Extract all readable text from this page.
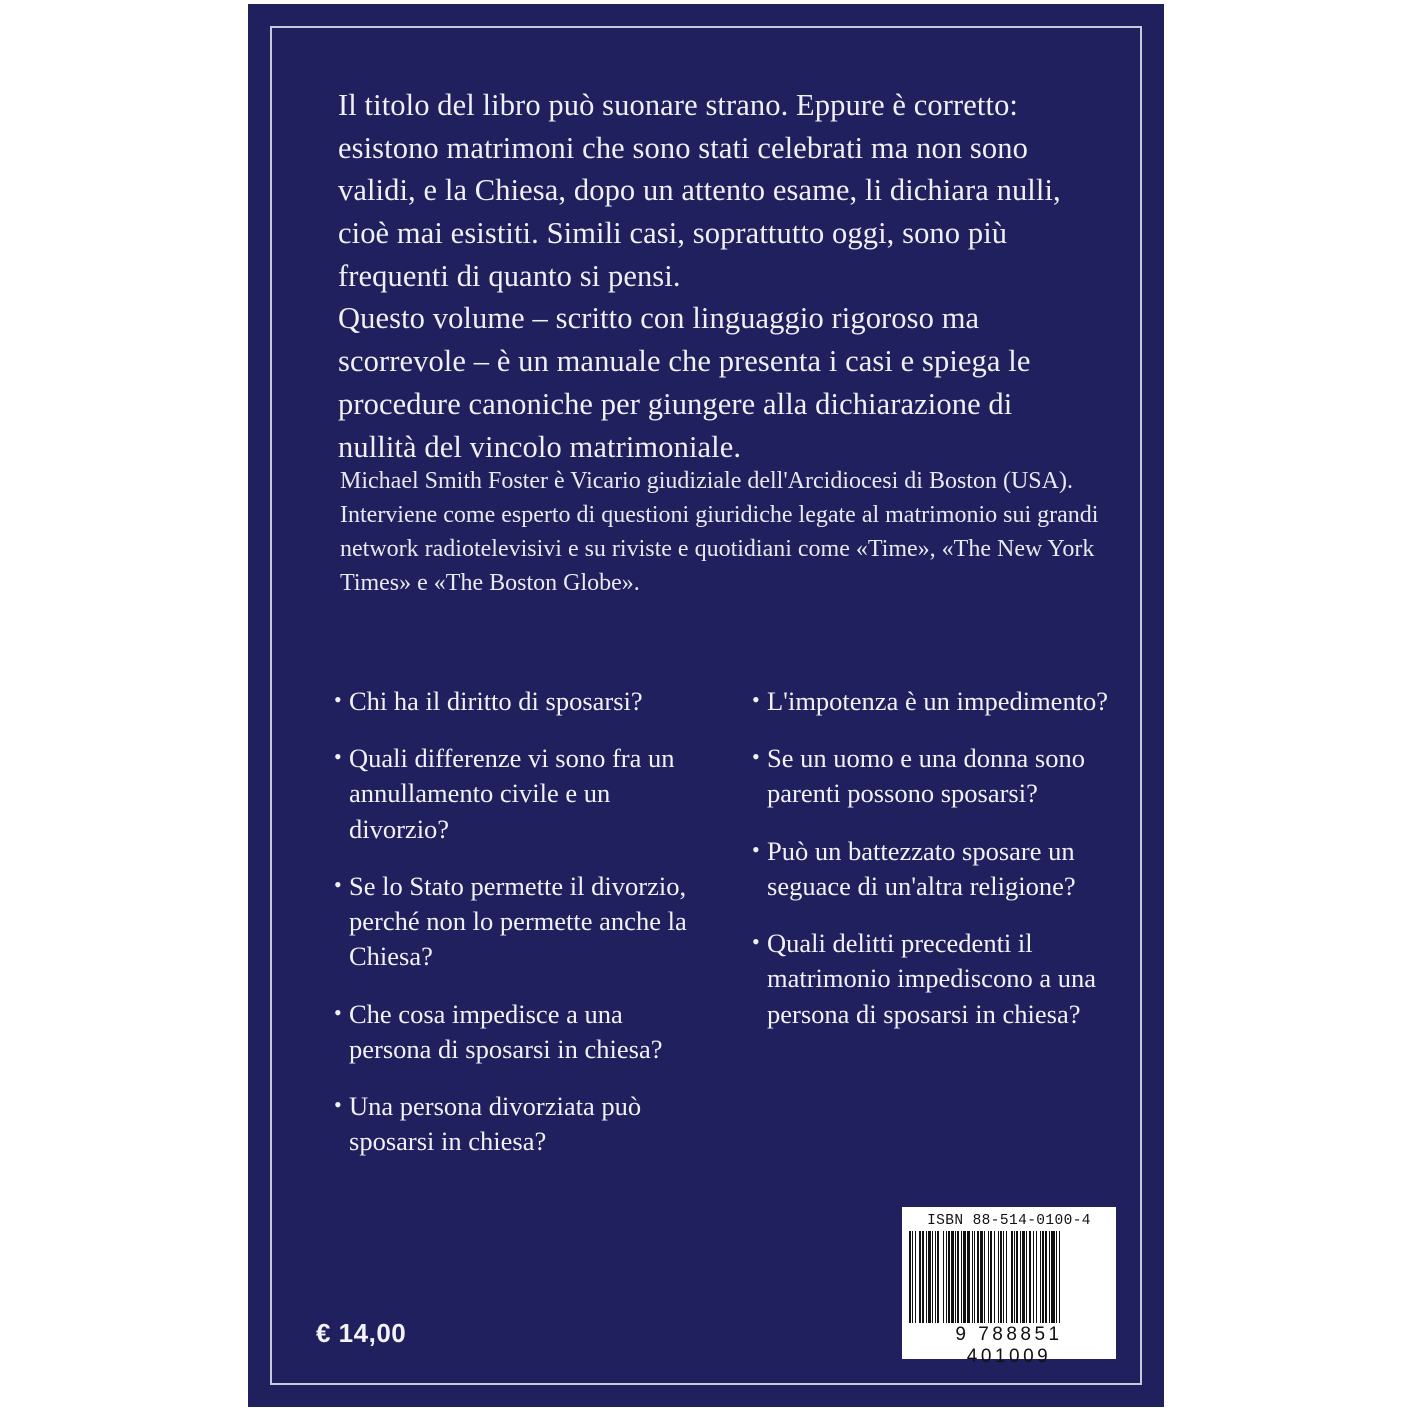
Il titolo del libro può suonare strano. Eppure è corretto: esistono matrimoni che sono stati celebrati ma non sono validi, e la Chiesa, dopo un attento esame, li dichiara nulli, cioè mai esistiti. Simili casi, soprattutto oggi, sono più frequenti di quanto si pensi.

Questo volume – scritto con linguaggio rigoroso ma scorrevole – è un manuale che presenta i casi e spiega le procedure canoniche per giungere alla dichiarazione di nullità del vincolo matrimoniale.

Michael Smith Foster è Vicario giudiziale dell'Arcidiocesi di Boston (USA). Interviene come esperto di questioni giuridiche legate al matrimonio sui grandi network radiotelevisivi e su riviste e quotidiani come «Time», «The New York Times» e «The Boston Globe».

• Chi ha il diritto di sposarsi?
• Quali differenze vi sono fra un annullamento civile e un divorzio?
• Se lo Stato permette il divorzio, perché non lo permette anche la Chiesa?
• Che cosa impedisce a una persona di sposarsi in chiesa?
• Una persona divorziata può sposarsi in chiesa?
• L'impotenza è un impedimento?
• Se un uomo e una donna sono parenti possono sposarsi?
• Può un battezzato sposare un seguace di un'altra religione?
• Quali delitti precedenti il matrimonio impediscono a una persona di sposarsi in chiesa?
€ 14,00
ISBN 88-514-0100-4
9 788851 401009
